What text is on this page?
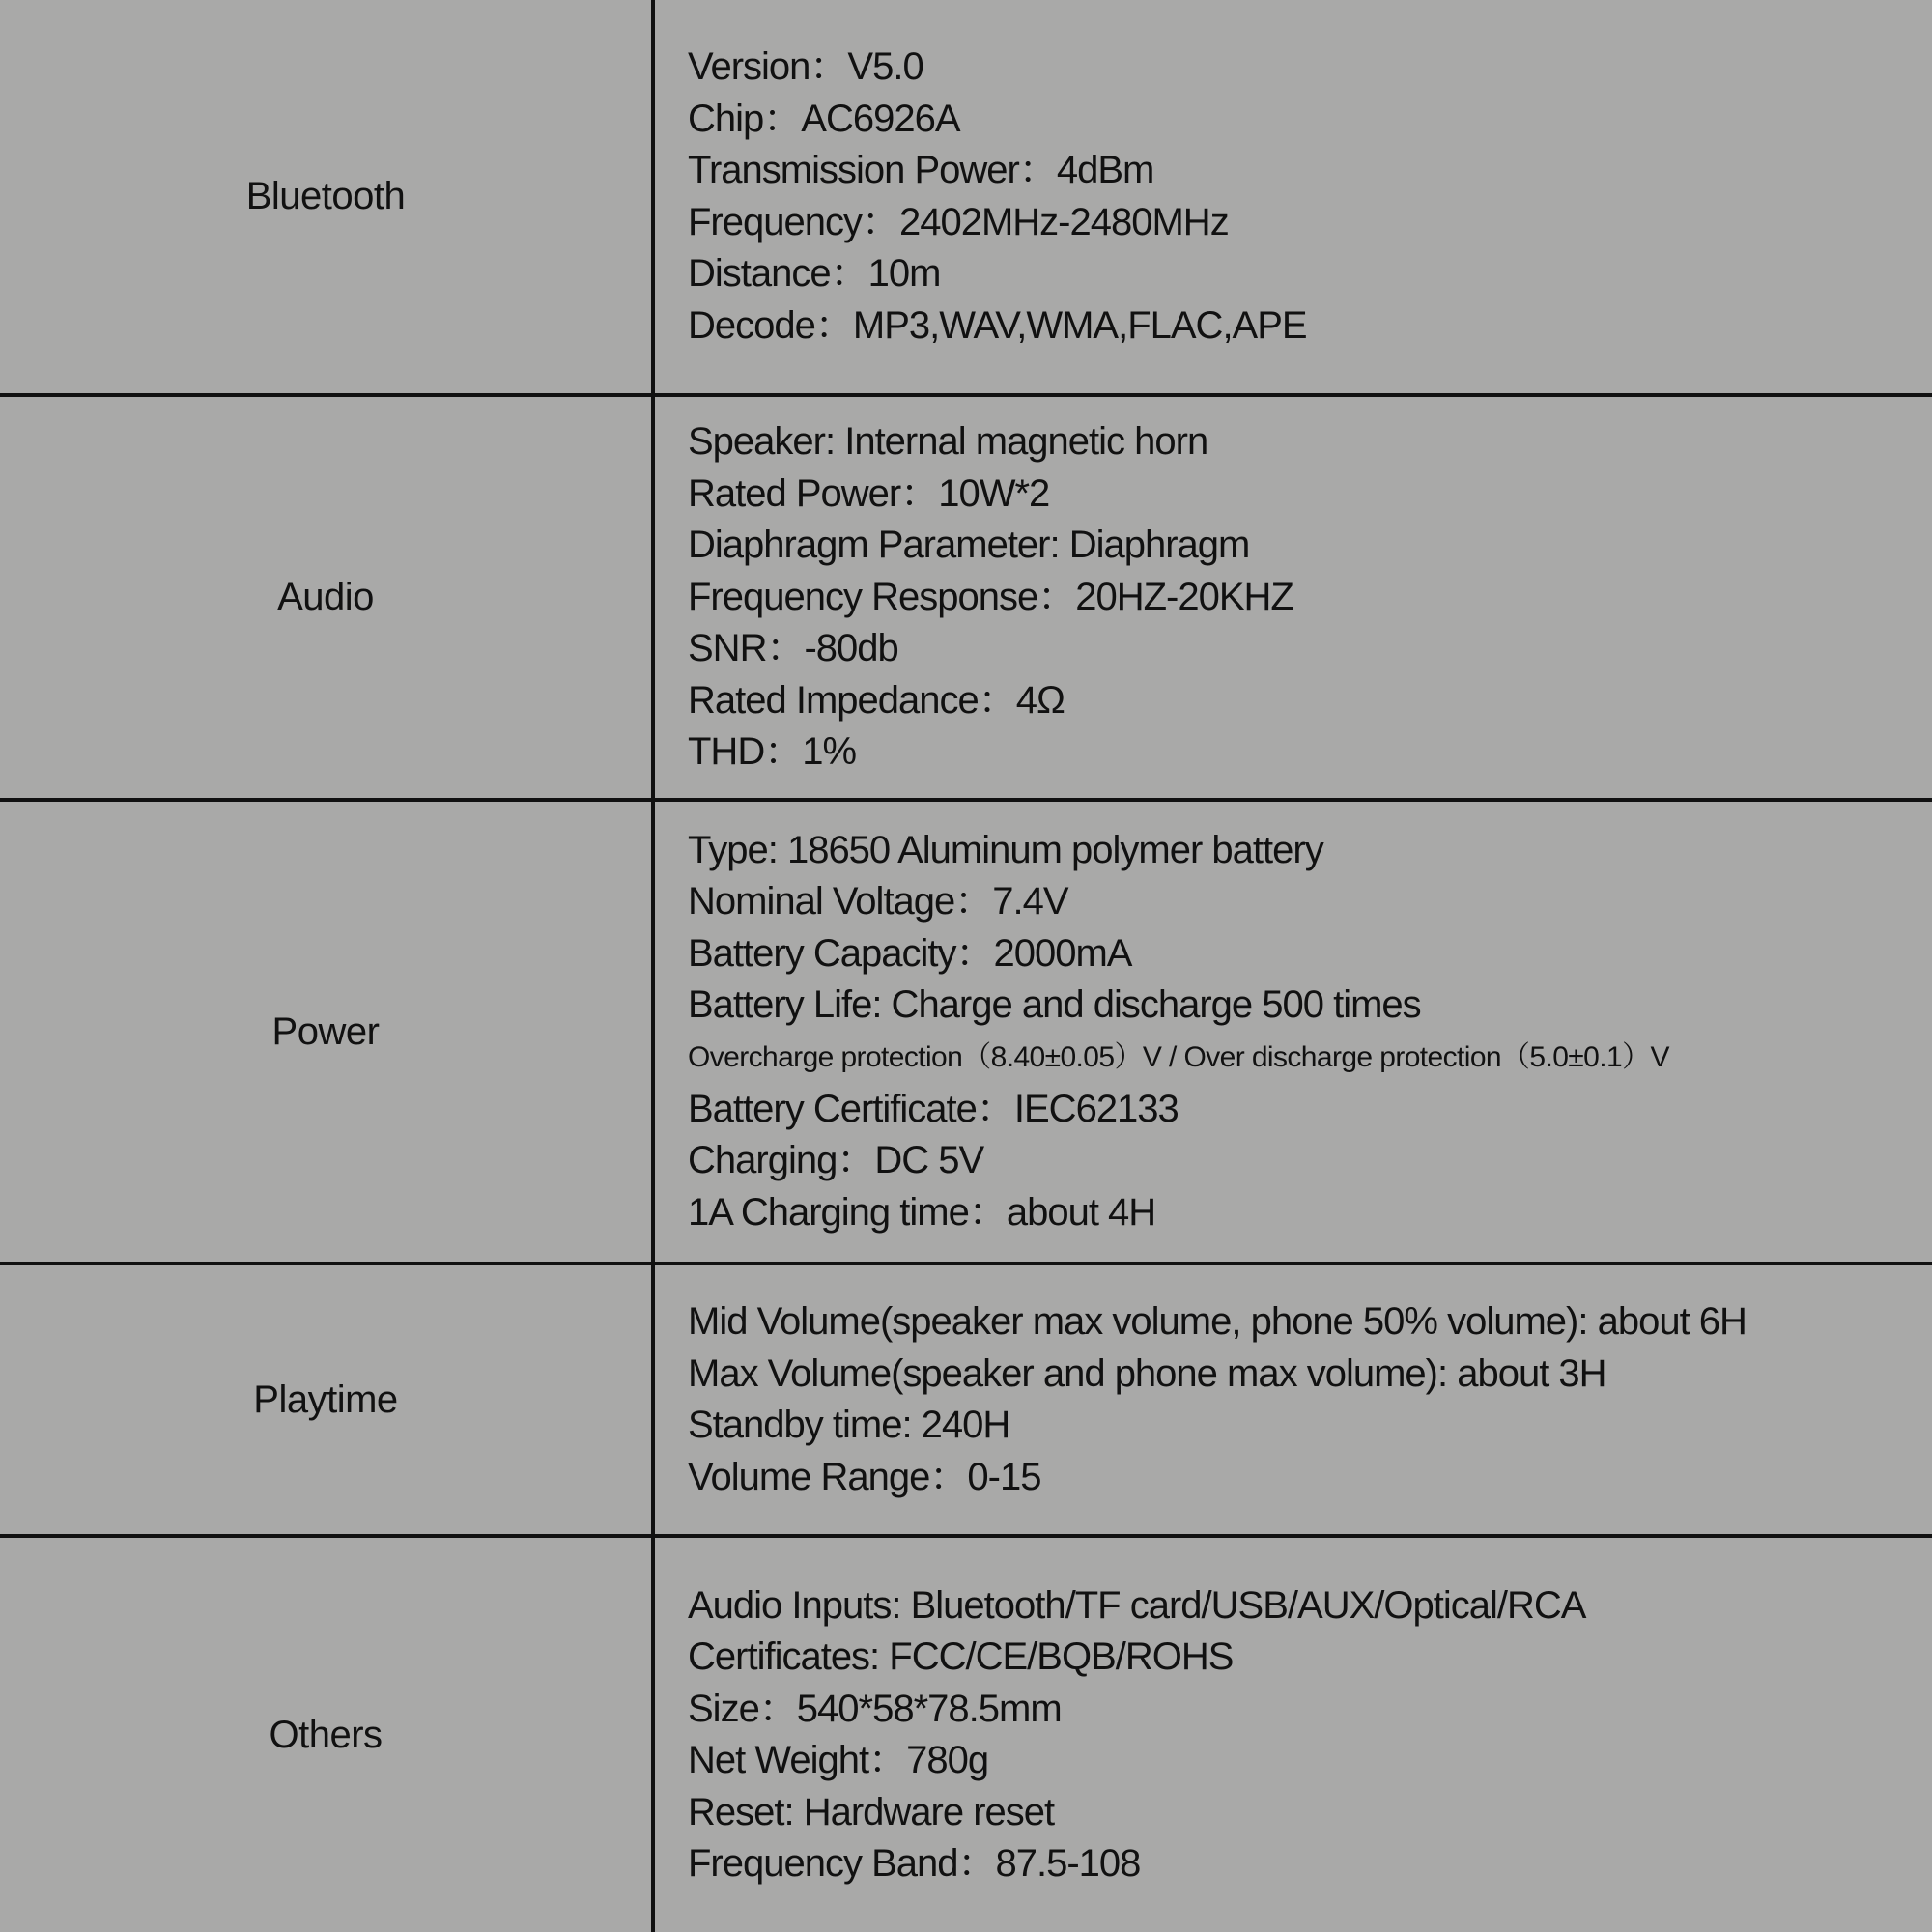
Bluetooth
Version：V5.0
Chip：AC6926A
Transmission Power：4dBm
Frequency：2402MHz-2480MHz
Distance：10m
Decode：MP3,WAV,WMA,FLAC,APE
Audio
Speaker: Internal magnetic horn
Rated Power：10W*2
Diaphragm Parameter: Diaphragm
Frequency Response：20HZ-20KHZ
SNR：-80db
Rated Impedance：4Ω
THD：1%
Power
Type: 18650 Aluminum polymer battery
Nominal Voltage：7.4V
Battery Capacity：2000mA
Battery Life: Charge and discharge 500 times
Overcharge protection（8.40±0.05）V / Over discharge protection（5.0±0.1）V
Battery Certificate：IEC62133
Charging：DC 5V
1A Charging time：about 4H
Playtime
Mid Volume(speaker max volume, phone 50% volume): about 6H
Max Volume(speaker and phone max volume): about 3H
Standby time: 240H
Volume Range：0-15
Others
Audio Inputs: Bluetooth/TF card/USB/AUX/Optical/RCA
Certificates: FCC/CE/BQB/ROHS
Size：540*58*78.5mm
Net Weight：780g
Reset: Hardware reset
Frequency Band：87.5-108
